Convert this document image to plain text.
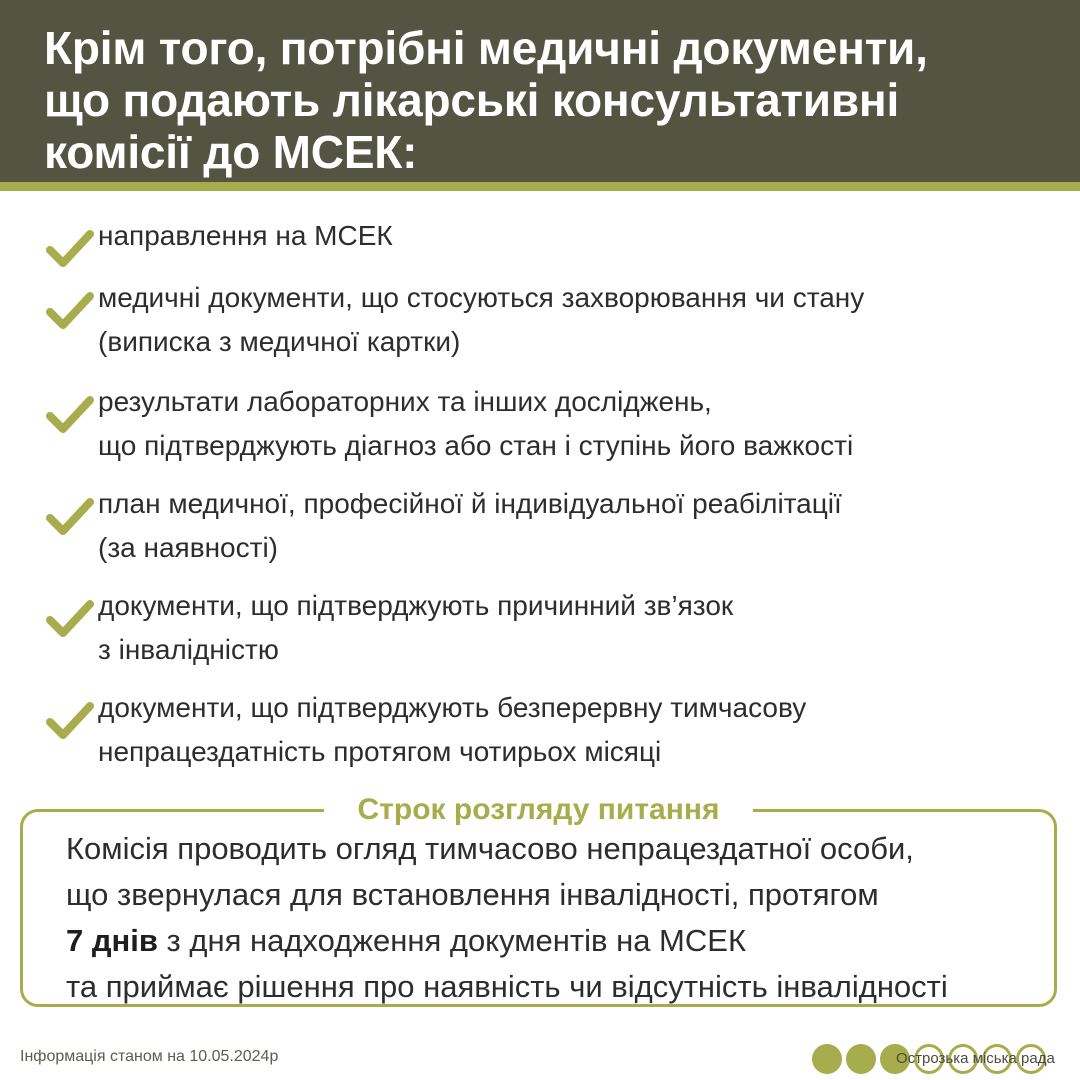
Крім того, потрібні медичні документи,
що подають лікарські консультативні
комісії до МСЕК:
направлення на МСЕК
медичні документи, що стосуються захворювання чи стану
(виписка з медичної картки)
результати лабораторних та інших досліджень,
що підтверджують діагноз або стан і ступінь його важкості
план медичної, професійної й індивідуальної реабілітації
(за наявності)
документи, що підтверджують причинний зв’язок
з інвалідністю
документи, що підтверджують безперервну тимчасову
непрацездатність протягом чотирьох місяці
Строк розгляду питання

Комісія проводить огляд тимчасово непрацездатної особи,
що звернулася для встановлення інвалідності, протягом
7 днів з дня надходження документів на МСЕК
та приймає рішення про наявність чи відсутність інвалідності

Інформація станом на 10.05.2024р	Острозька міська рада
